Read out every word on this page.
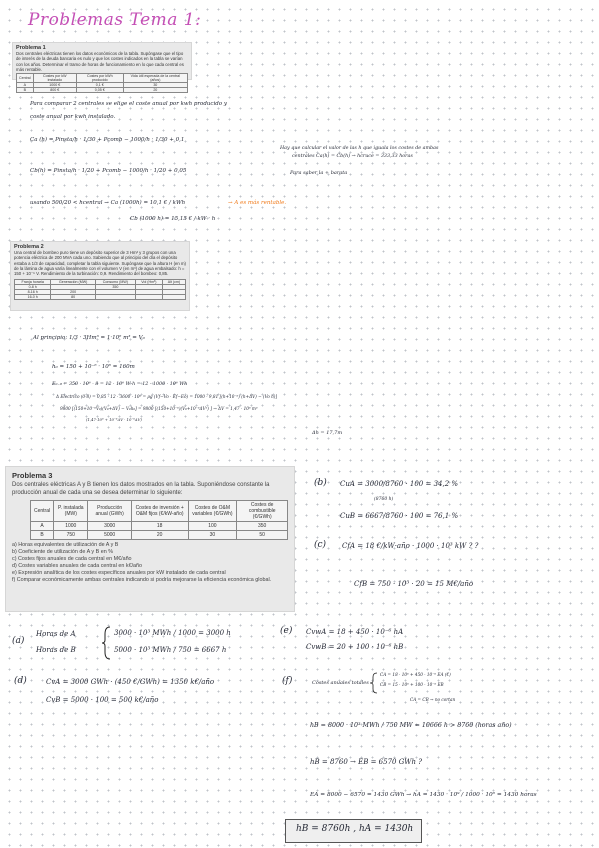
Problemas Tema 1:
Problema 1
Dos centrales eléctricas tienen los datos económicos de la tabla. Supóngase que el tipo de interés de la deuda bancaria es nulo y que los costes indicados en la tabla se varían con los años. Determinar el tramo de horas de funcionamiento en lo que cada central es más rentable.
Central	Costes por kW instalado	Costes por kWh producido	Vida útil esperada de la central (años)
A	1000 €	0,1 €	30
B	800 €	0,05 €	20
Para comparar 2 centrales se elige el coste anual por kwh producido y
coste anual por kwh instalado.
Ca (h) = Pinsta/h · 1/30 + Pcomb − 1000/h · 1/30 + 0,1
Hay que calcular el valor de las h que iguala los costes de ambas
centrales Ca(h) = Cb(h) → hcruce = 333,33 horas
Cb(h) = Pinsta/h · 1/20 + Pcomb − 1000/h · 1/20 + 0,05	Para saber la + barata
usando 500/20 < hcentral → Ca (1000h) = 10,1 € / kWh	→ A es más rentable.
Cb (1000 h) = 15,15 € / kW · h
Problema 2
Una central de bombeo puro tiene un depósito superior de 3 Hm³ y 3 grupos con una potencia eléctrica de 200 MVA cada uno. Sabiendo que al principio del día el depósito estaba a 1/3 de capacidad, completar la tabla siguiente. Supóngase que la altura H (en m) de la lámina de agua varía linealmente con el volumen V (en m³) de agua embalsado: h = 150 + 10⁻⁶ V. Rendimiento de la turbinación: 0,9. Rendimiento del bombeo: 0,85.
Franja horaria	Generación (MW)	Consumo (MW)	Vol (Hm³)	Alt (cm)
0-8 h		350		
8-16 h	200			
16-0 h	80			
Al principio: 1/3 · 3Hm³ = 1·10⁶ m³ = V₀
h₀ = 150 + 10⁻⁶ · 10⁶ = 160m
E₀₋₈ = 350 · 10⁶ · 8 = 12 · 10⁶ W·h = 12 · 1000 · 10⁶ Wh
Δ Electrico (0-8) = 0,85 · 12 · 3600 · 10⁶ = ρg (Vf−Vo · Ef−Eo) = 1000 · 9,81 [(h+10⁻⁶) (h+ΔV) − (Vo h)]
9800 [(150+10⁻⁶V₀)(V₀+ΔV) − V₀h₀] = 9800 [(150+10⁻⁶)(V₀+10⁻⁶ΔV²) ] → ΔV = 1,47 · 10⁸ m³
(1,47·10⁸ + 10⁻⁶ΔV · 10⁻⁶ΔV)
Δh = 17,7m
Problema 3
Dos centrales eléctricas A y B tienen los datos mostrados en la tabla. Suponiéndose constante la producción anual de cada una se desea determinar lo siguiente:
Central	P. instalada (MW)	Producción anual (GWh)	Costes de inversión + O&M fijos (€/kW-año)	Costes de O&M variables (€/GWh)	Costes de combustible (€/GWh)
A	1000	3000	18	100	350
B	750	5000	20	30	50
a) Horas equivalentes de utilización de A y B
b) Coeficiente de utilización de A y B en %
c) Costes fijos anuales de cada central en M€/año
d) Costes variables anuales de cada central en k€/año
e) Expresión analítica de los costes específicos anuales por kW instalado de cada central
f) Comparar económicamente ambas centrales indicando si podría mejorarse la eficiencia económica global.
(b) CuA = 3000/8760 · 100 = 34,2 %
(8760 h)
CuB = 6667/8760 · 100 = 76,1 %
(c) CfA = 18 €/kW·año · 1000 · 10³ kW ? ?
CfB = 750 · 10³ · 20 = 15 M€/año
(a)
Horas de A
Horas de B
3000 · 10³ MWh / 1000 = 3000 h
5000 · 10³ MWh / 750 = 6667 h
(e) CvwA = 18 + 450 · 10⁻⁶ hA
CvwB = 20 + 100 · 10⁻⁶ hB
(d)	CvA = 3000 GWh · (450 €/GWh) = 1350 k€/año
CvB = 5000 · 100 = 500 k€/año
(f)	Costes anuales totales
CA = 18 · 10⁶ + 450 · 10⁻⁶ EA (€)
CB = 15 · 10⁶ + 100 · 10⁻⁶ EB
CA = CB → no cortan
hB = 8000 · 10³ MWh / 750 MW = 10666 h > 8760 (horas año)
hB = 8760 → EB = 6570 GWh ?
EA = 8000 − 6570 = 1430 GWh → hA = 1430 · 10⁹ / 1000 · 10⁶ = 1430 horas
hB = 8760h , hA = 1430h
